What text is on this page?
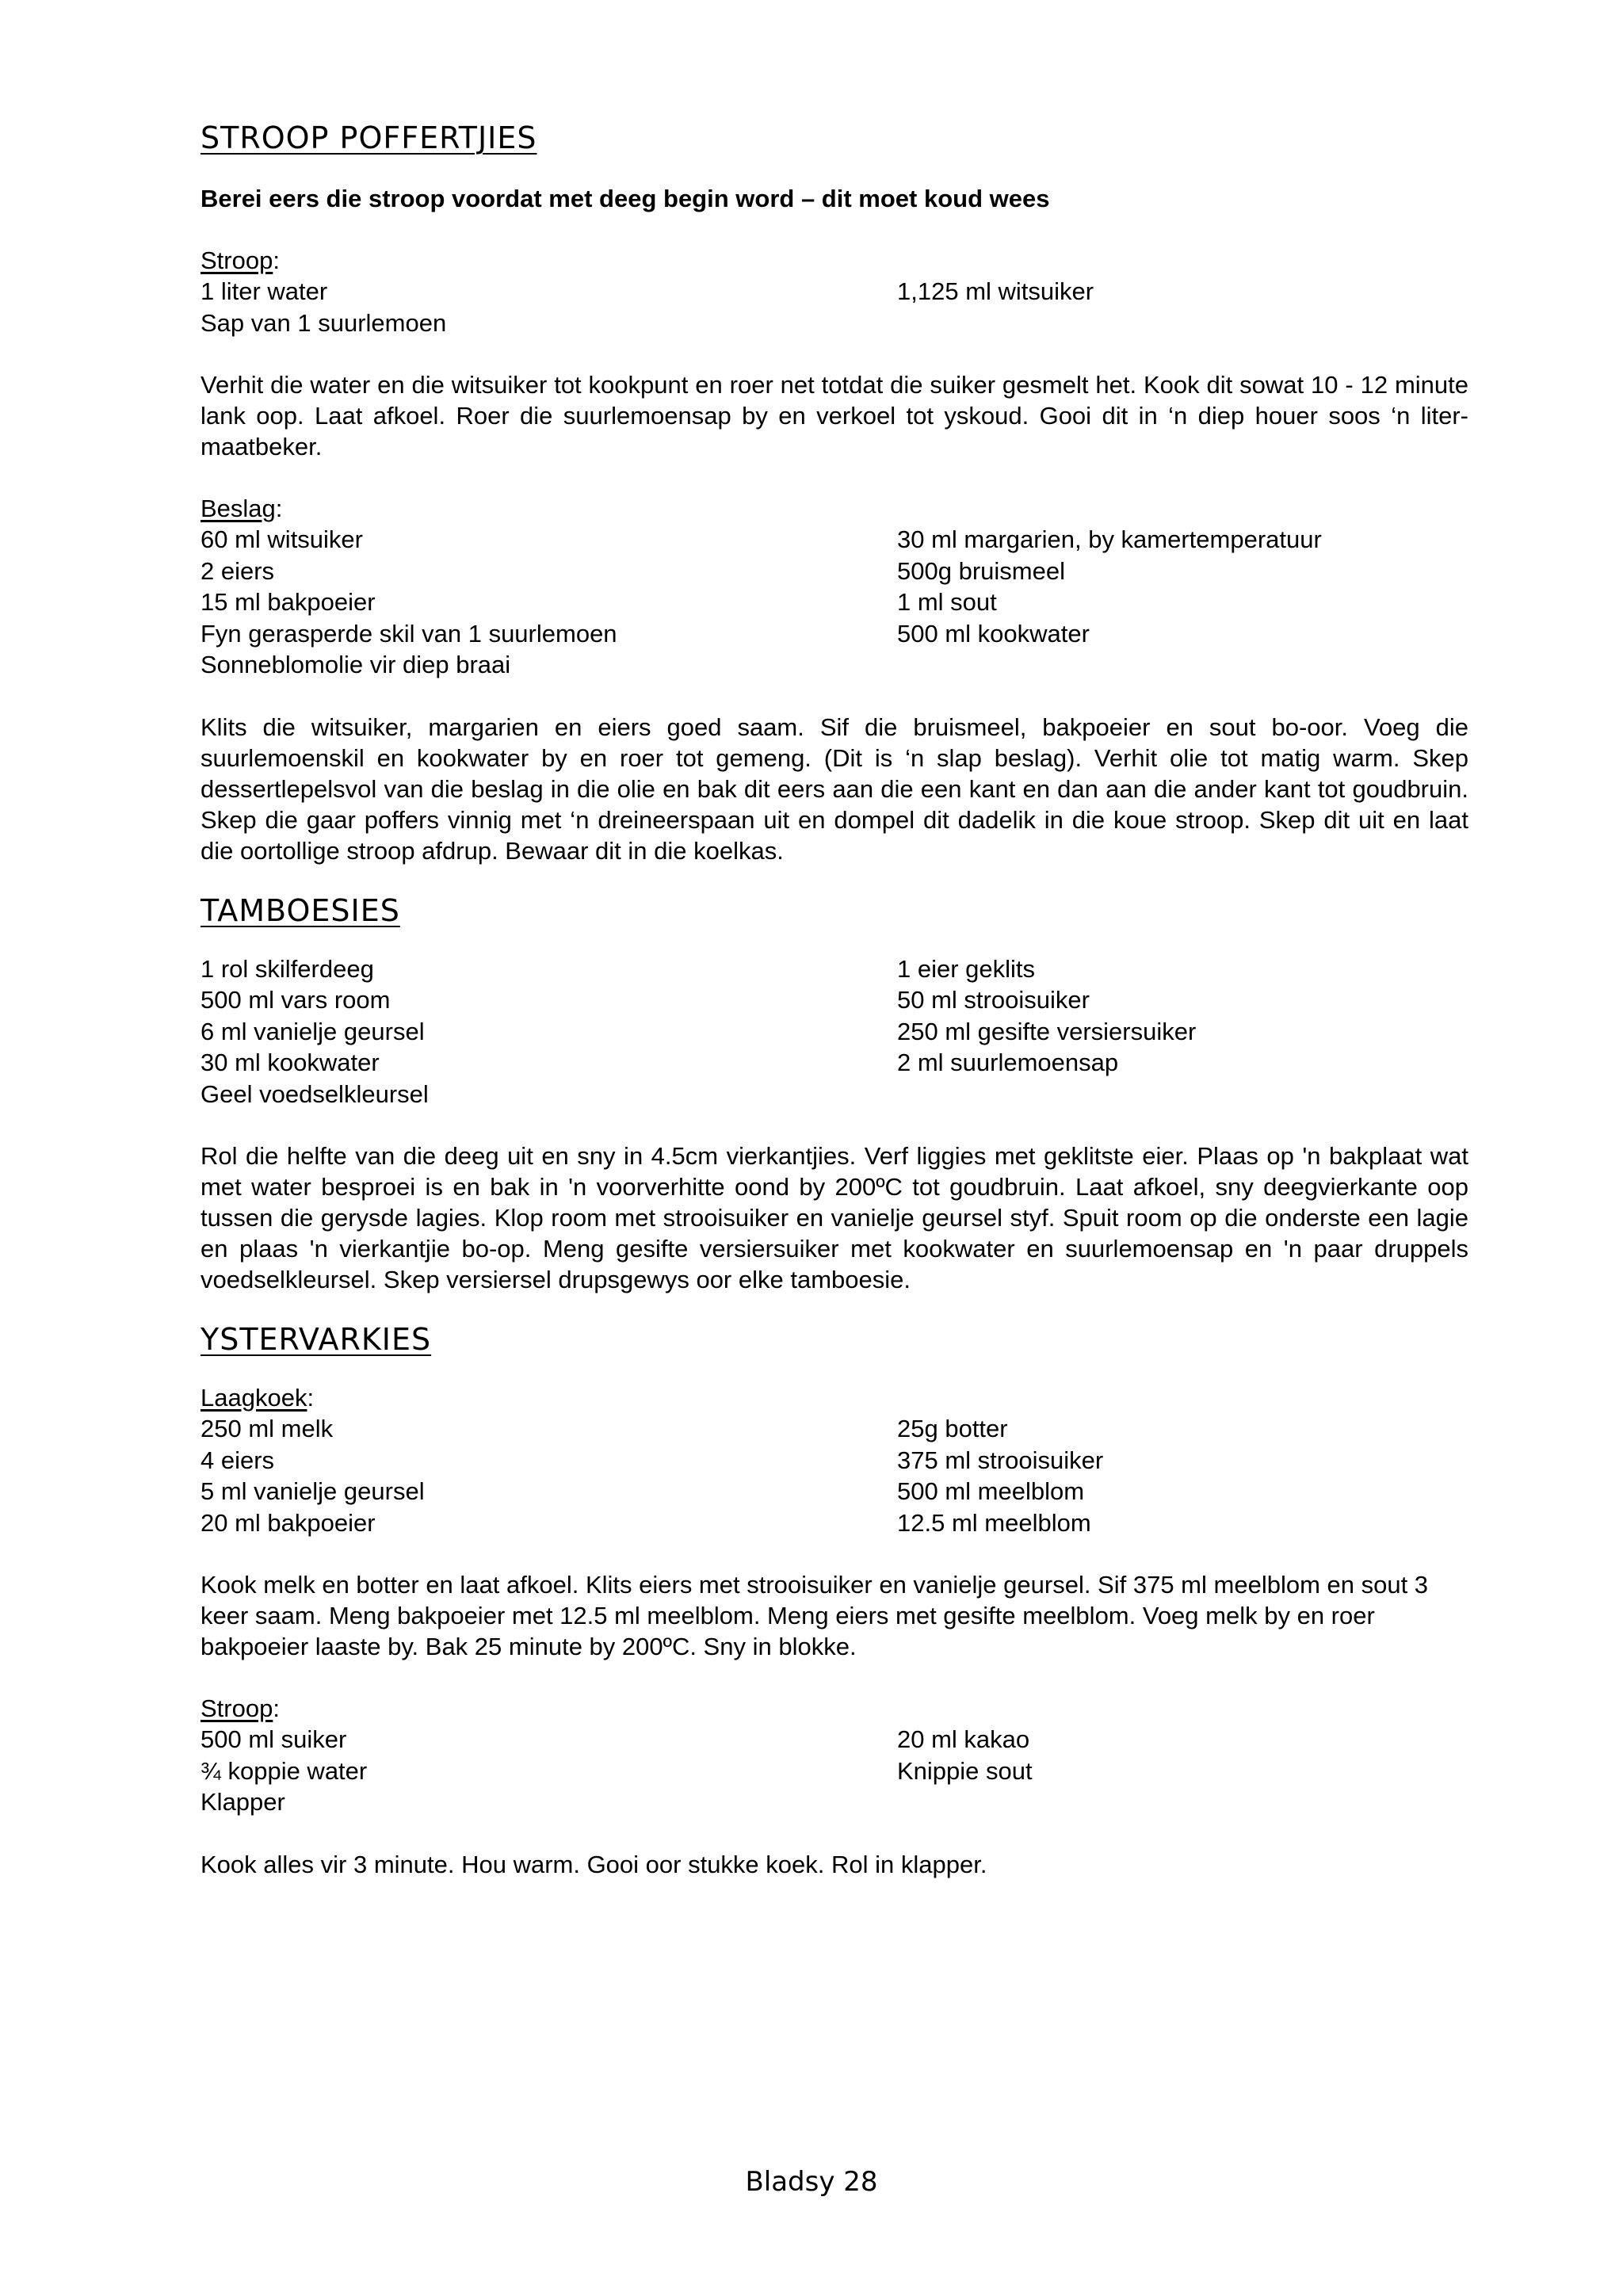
STROOP POFFERTJIES

Berei eers die stroop voordat met deeg begin word – dit moet koud wees

Stroop:

1 liter water
Sap van 1 suurlemoen
1,125 ml witsuiker

Verhit die water en die witsuiker tot kookpunt en roer net totdat die suiker gesmelt het. Kook dit sowat 10 - 12 minute lank oop. Laat afkoel. Roer die suurlemoensap by en verkoel tot yskoud. Gooi dit in ‘n diep houer soos ‘n liter-maatbeker.

Beslag:

60 ml witsuiker
2 eiers
15 ml bakpoeier
Fyn gerasperde skil van 1 suurlemoen
Sonneblomolie vir diep braai
30 ml margarien, by kamertemperatuur
500g bruismeel
1 ml sout
500 ml kookwater

Klits die witsuiker, margarien en eiers goed saam. Sif die bruismeel, bakpoeier en sout bo-oor. Voeg die suurlemoenskil en kookwater by en roer tot gemeng. (Dit is ‘n slap beslag). Verhit olie tot matig warm. Skep dessertlepelsvol van die beslag in die olie en bak dit eers aan die een kant en dan aan die ander kant tot goudbruin. Skep die gaar poffers vinnig met ‘n dreineerspaan uit en dompel dit dadelik in die koue stroop. Skep dit uit en laat die oortollige stroop afdrup. Bewaar dit in die koelkas.

TAMBOESIES
1 rol skilferdeeg
500 ml vars room
6 ml vanielje geursel
30 ml kookwater
Geel voedselkleursel
1 eier geklits
50 ml strooisuiker
250 ml gesifte versiersuiker
2 ml suurlemoensap

Rol die helfte van die deeg uit en sny in 4.5cm vierkantjies. Verf liggies met geklitste eier. Plaas op 'n bakplaat wat met water besproei is en bak in 'n voorverhitte oond by 200ºC tot goudbruin. Laat afkoel, sny deegvierkante oop tussen die gerysde lagies. Klop room met strooisuiker en vanielje geursel styf. Spuit room op die onderste een lagie en plaas 'n vierkantjie bo-op. Meng gesifte versiersuiker met kookwater en suurlemoensap en 'n paar druppels voedselkleursel. Skep versiersel drupsgewys oor elke tamboesie.

YSTERVARKIES

Laagkoek:

250 ml melk
4 eiers
5 ml vanielje geursel
20 ml bakpoeier
25g botter
375 ml strooisuiker
500 ml meelblom
12.5 ml meelblom

Kook melk en botter en laat afkoel. Klits eiers met strooisuiker en vanielje geursel. Sif 375 ml meelblom en sout 3 keer saam. Meng bakpoeier met 12.5 ml meelblom. Meng eiers met gesifte meelblom. Voeg melk by en roer bakpoeier laaste by. Bak 25 minute by 200ºC. Sny in blokke.

Stroop:

500 ml suiker
¾ koppie water
Klapper
20 ml kakao
Knippie sout

Kook alles vir 3 minute. Hou warm. Gooi oor stukke koek. Rol in klapper.

Bladsy 28
